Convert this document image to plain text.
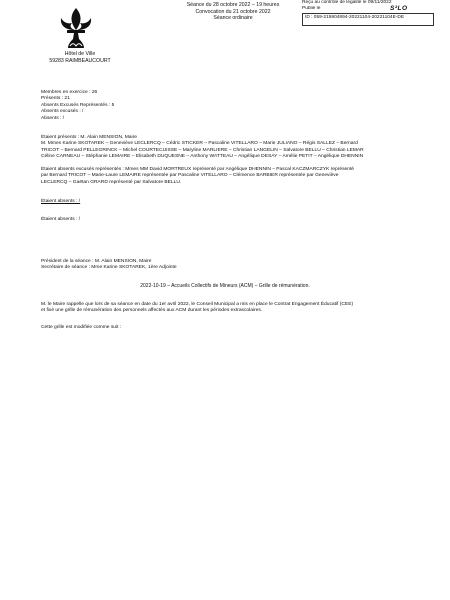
Hôtel de Ville
59283 RAIMBEAUCOURT
Séance du 28 octobre 2022 – 19 heures
Convocation du 21 octobre 2022
Séance ordinaire
Reçu au contrôle de légalité le 09/11/2022
Publié le	S²LO
ID : 059-215904894-20221104-20221104E-DE
Membres en exercice : 26
Présents : 21
Absents Excusés Représentés : 5
Absents excusés : /
Absents : /
Étaient présents : M. Alain MENSION, Maire
M. Mmes Karine SKOTAREK – Geneviève LECLERCQ – Cédric STICKER – Pascaline VITELLARO – Marie JULIANO – Régis SALLEZ – Bernard
TRICOT – Bernard PELLEGRINCK – Michel COURTECUISSE – Maryline MARLIERE – Christian LANGELIN – Salvatore BELLU – Christian LEMAR
Céline CARNEAU – Stéphanie LEMAIRE – Elisabeth DUQUESNE – Anthony WATTEAU – Angélique DESAY – Amélie PETIT – Angélique DHENNIN
Étaient absents excusés représentés : Mmes MM David MORTREUX représenté par Angélique DHENNIN – Pascal KACZMARCZYK représenté
par Bernard TRICOT – Marie-Laure LEMAIRE représentée par Pascaline VITELLARO – Clémence BARBIER représentée par Geneviève
LECLERCQ – Gaëtan GRARD représenté par Salvatore BELLU.
Étaient absents : /
Étaient absents : /
Président de la séance : M. Alain MENSION, Maire
Secrétaire de séance : Mme Karine SKOTAREK, 1ère Adjointe
2022-10-19 – Accueils Collectifs de Mineurs (ACM) – Grille de rémunération.
M. le Maire rappelle que lors de sa séance en date du 1er avril 2022, le Conseil Municipal a mis en place le Contrat Engagement Éducatif (CEE)
et fixé une grille de rémunération des personnels affectés aux ACM durant les périodes extrascolaires.
Cette grille est modifiée comme suit :
